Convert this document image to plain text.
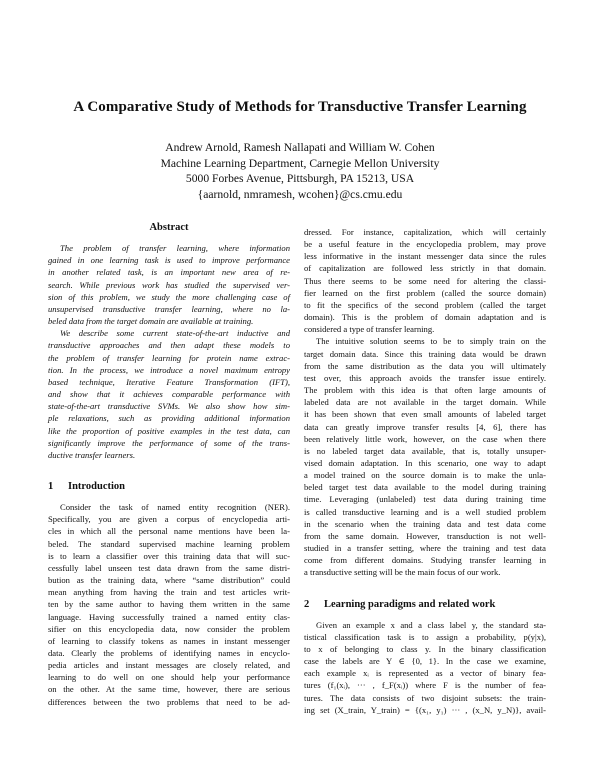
A Comparative Study of Methods for Transductive Transfer Learning
Andrew Arnold, Ramesh Nallapati and William W. Cohen
Machine Learning Department, Carnegie Mellon University
5000 Forbes Avenue, Pittsburgh, PA 15213, USA
{aarnold, nmramesh, wcohen}@cs.cmu.edu
Abstract
The problem of transfer learning, where information
gained in one learning task is used to improve performance
in another related task, is an important new area of re-
search. While previous work has studied the supervised ver-
sion of this problem, we study the more challenging case of
unsupervised transductive transfer learning, where no la-
beled data from the target domain are available at training.
We describe some current state-of-the-art inductive and
transductive approaches and then adapt these models to
the problem of transfer learning for protein name extrac-
tion. In the process, we introduce a novel maximum entropy
based technique, Iterative Feature Transformation (IFT),
and show that it achieves comparable performance with
state-of-the-art transductive SVMs. We also show how sim-
ple relaxations, such as providing additional information
like the proportion of positive examples in the test data, can
significantly improve the performance of some of the trans-
ductive transfer learners.
1 Introduction
Consider the task of named entity recognition (NER).
Specifically, you are given a corpus of encyclopedia arti-
cles in which all the personal name mentions have been la-
beled. The standard supervised machine learning problem
is to learn a classifier over this training data that will suc-
cessfully label unseen test data drawn from the same distri-
bution as the training data, where “same distribution” could
mean anything from having the train and test articles writ-
ten by the same author to having them written in the same
language. Having successfully trained a named entity clas-
sifier on this encyclopedia data, now consider the problem
of learning to classify tokens as names in instant messenger
data. Clearly the problems of identifying names in encyclo-
pedia articles and instant messages are closely related, and
learning to do well on one should help your performance
on the other. At the same time, however, there are serious
differences between the two problems that need to be ad-
dressed. For instance, capitalization, which will certainly
be a useful feature in the encyclopedia problem, may prove
less informative in the instant messenger data since the rules
of capitalization are followed less strictly in that domain.
Thus there seems to be some need for altering the classi-
fier learned on the first problem (called the source domain)
to fit the specifics of the second problem (called the target
domain). This is the problem of domain adaptation and is
considered a type of transfer learning.
The intuitive solution seems to be to simply train on the
target domain data. Since this training data would be drawn
from the same distribution as the data you will ultimately
test over, this approach avoids the transfer issue entirely.
The problem with this idea is that often large amounts of
labeled data are not available in the target domain. While
it has been shown that even small amounts of labeled target
data can greatly improve transfer results [4, 6], there has
been relatively little work, however, on the case when there
is no labeled target data available, that is, totally unsuper-
vised domain adaptation. In this scenario, one way to adapt
a model trained on the source domain is to make the unla-
beled target test data available to the model during training
time. Leveraging (unlabeled) test data during training time
is called transductive learning and is a well studied problem
in the scenario when the training data and test data come
from the same domain. However, transduction is not well-
studied in a transfer setting, where the training and test data
come from different domains. Studying transfer learning in
a transductive setting will be the main focus of our work.
2 Learning paradigms and related work
Given an example x and a class label y, the standard sta-
tistical classification task is to assign a probability, p(y|x),
to x of belonging to class y. In the binary classification
case the labels are Y ∈ {0, 1}. In the case we examine,
each example xᵢ is represented as a vector of binary fea-
tures (f₁(xᵢ), ··· , f_F(xᵢ)) where F is the number of fea-
tures. The data consists of two disjoint subsets: the train-
ing set (X_train, Y_train) = {(x₁, y₁) ··· , (x_N, y_N)}, avail-
